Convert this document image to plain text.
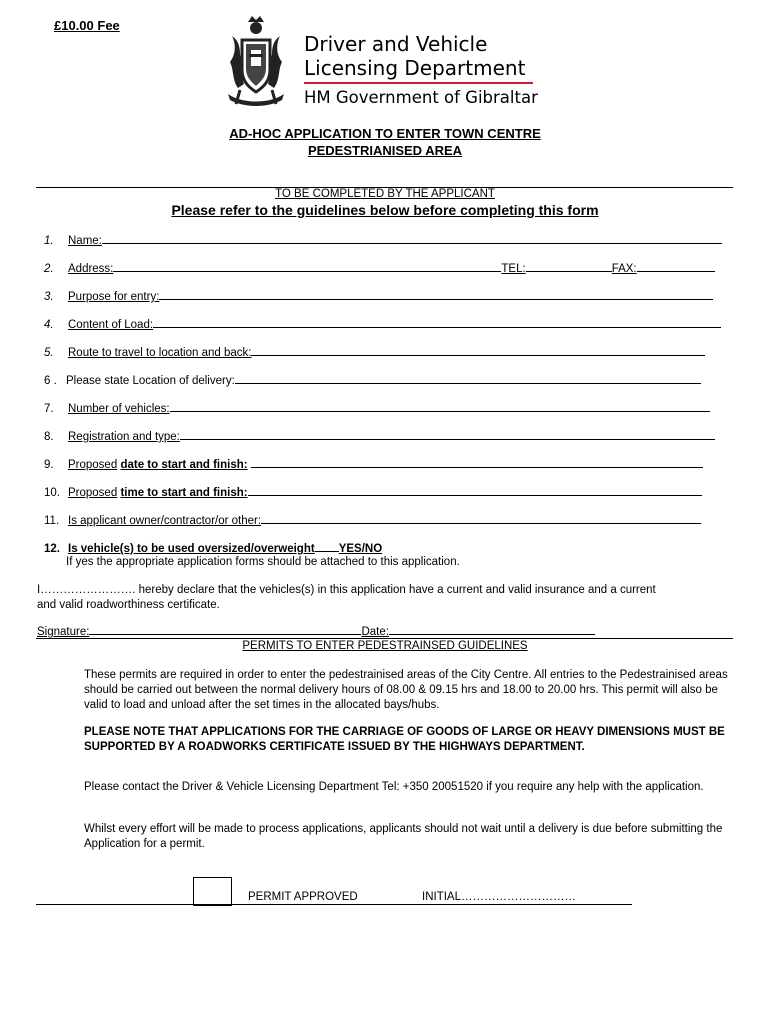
£10.00 Fee
Driver and Vehicle
Licensing Department
HM Government of Gibraltar
AD-HOC APPLICATION TO ENTER TOWN CENTRE
PEDESTRIANISED AREA
TO BE COMPLETED BY THE APPLICANT
Please refer to the guidelines below before completing this form
1. Name:
2. Address:	TEL:	FAX:
3. Purpose for entry:
4. Content of Load:
5. Route to travel to location and back:
6 . Please state Location of delivery:
7. Number of vehicles:
8. Registration and type:
9. Proposed date to start and finish:
10. Proposed time to start and finish:
11. Is applicant owner/contractor/or other:
12. Is vehicle(s) to be used oversized/overweight YES/NO
If yes the appropriate application forms should be attached to this application.
I……………………. hereby declare that the vehicles(s) in this application have a current and valid insurance and a current
and valid roadworthiness certificate.
Signature:	Date:
PERMITS TO ENTER PEDESTRAINSED GUIDELINES
These permits are required in order to enter the pedestrainised areas of the City Centre. All entries to the Pedestrainised areas should be carried out between the normal delivery hours of 08.00 & 09.15 hrs and 18.00 to 20.00 hrs. This permit will also be valid to load and unload after the set times in the allocated bays/hubs.
PLEASE NOTE THAT APPLICATIONS FOR THE CARRIAGE OF GOODS OF LARGE OR HEAVY DIMENSIONS MUST BE SUPPORTED BY A ROADWORKS CERTIFICATE ISSUED BY THE HIGHWAYS DEPARTMENT.
Please contact the Driver & Vehicle Licensing Department Tel: +350 20051520 if you require any help with the application.
Whilst every effort will be made to process applications, applicants should not wait until a delivery is due before submitting the Application for a permit.
PERMIT APPROVED	INITIAL…………………………
